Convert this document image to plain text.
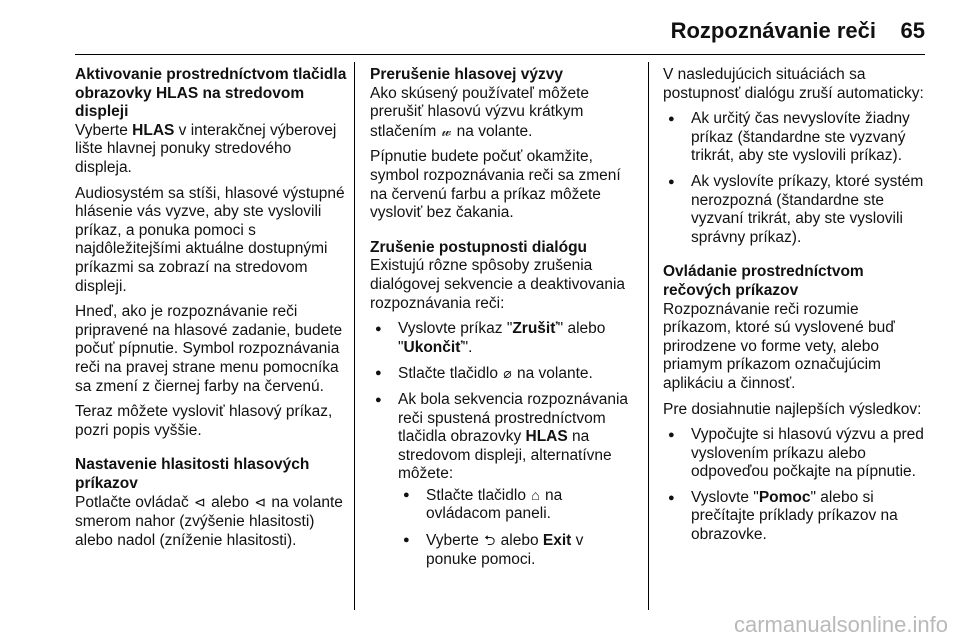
Rozpoznávanie reči 65
Aktivovanie prostredníctvom tlačidla obrazovky HLAS na stredovom displeji

Vyberte HLAS v interakčnej výberovej lište hlavnej ponuky stredového displeja.

Audiosystém sa stíši, hlasové výstupné hlásenie vás vyzve, aby ste vyslovili príkaz, a ponuka pomoci s najdôležitejšími aktuálne dostupnými príkazmi sa zobrazí na stredovom displeji.

Hneď, ako je rozpoznávanie reči pripravené na hlasové zadanie, budete počuť pípnutie. Symbol rozpoznávania reči na pravej strane menu pomocníka sa zmení z čiernej farby na červenú.

Teraz môžete vysloviť hlasový príkaz, pozri popis vyššie.

Nastavenie hlasitosti hlasových príkazov

Potlačte ovládač ⊲ alebo ⊲ na volante smerom nahor (zvýšenie hlasitosti) alebo nadol (zníženie hlasitosti).

Prerušenie hlasovej výzvy

Ako skúsený používateľ môžete prerušiť hlasovú výzvu krátkym stlačením 𝓌 na volante.

Pípnutie budete počuť okamžite, symbol rozpoznávania reči sa zmení na červenú farbu a príkaz môžete vysloviť bez čakania.

Zrušenie postupnosti dialógu

Existujú rôzne spôsoby zrušenia dialógovej sekvencie a deaktivovania rozpoznávania reči:

● Vyslovte príkaz "Zrušiť" alebo "Ukončiť".
● Stlačte tlačidlo ⌀ na volante.
● Ak bola sekvencia rozpoznávania reči spustená prostredníctvom tlačidla obrazovky HLAS na stredovom displeji, alternatívne môžete:
● Stlačte tlačidlo ⌂ na ovládacom paneli.
● Vyberte ⮌ alebo Exit v ponuke pomoci.

V nasledujúcich situáciách sa postupnosť dialógu zruší automaticky:

● Ak určitý čas nevyslovíte žiadny príkaz (štandardne ste vyzvaný trikrát, aby ste vyslovili príkaz).
● Ak vyslovíte príkazy, ktoré systém nerozpozná (štandardne ste vyzvaní trikrát, aby ste vyslovili správny príkaz).
Ovládanie prostredníctvom rečových príkazov

Rozpoznávanie reči rozumie príkazom, ktoré sú vyslovené buď prirodzene vo forme vety, alebo priamym príkazom označujúcim aplikáciu a činnosť.

Pre dosiahnutie najlepších výsledkov:

● Vypočujte si hlasovú výzvu a pred vyslovením príkazu alebo odpoveďou počkajte na pípnutie.
● Vyslovte "Pomoc" alebo si prečítajte príklady príkazov na obrazovke.
carmanualsonline.info
